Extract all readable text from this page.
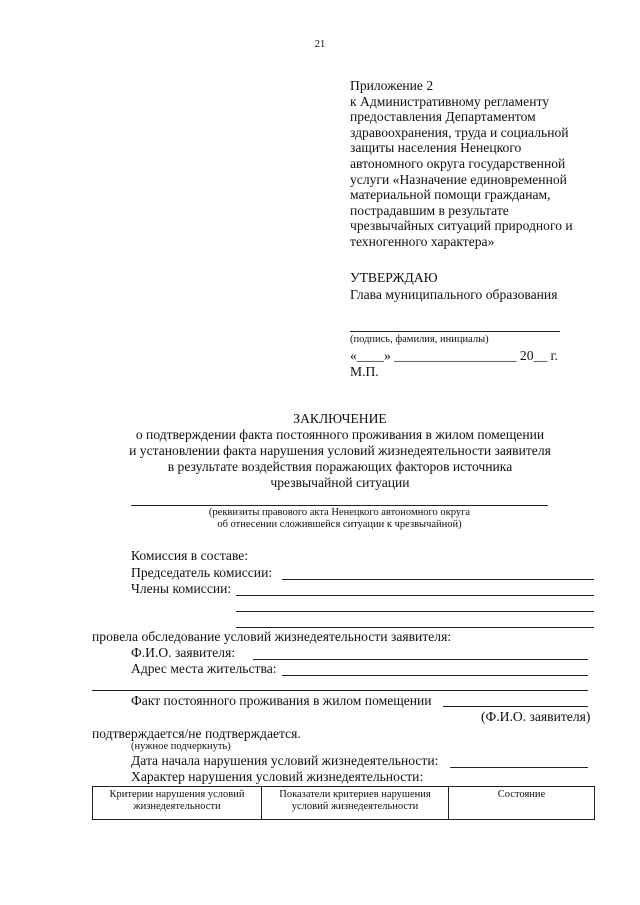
21
Приложение 2
к Административному регламенту
предоставления Департаментом
здравоохранения, труда и социальной
защиты населения Ненецкого
автономного округа государственной
услуги «Назначение единовременной
материальной помощи гражданам,
пострадавшим в результате
чрезвычайных ситуаций природного и
техногенного характера»
УТВЕРЖДАЮ
Глава муниципального образования
(подпись, фамилия, инициалы)
«____» __________________ 20__ г.
М.П.
ЗАКЛЮЧЕНИЕ
о подтверждении факта постоянного проживания в жилом помещении
и установлении факта нарушения условий жизнедеятельности заявителя
в результате воздействия поражающих факторов источника
чрезвычайной ситуации
(реквизиты правового акта Ненецкого автономного округа
об отнесении сложившейся ситуации к чрезвычайной)
Комиссия в составе:
Председатель комиссии:
Члены комиссии:
провела обследование условий жизнедеятельности заявителя:
Ф.И.О. заявителя:
Адрес места жительства:
Факт постоянного проживания в жилом помещении
(Ф.И.О. заявителя)
подтверждается/не подтверждается.
(нужное подчеркнуть)
Дата начала нарушения условий жизнедеятельности:
Характер нарушения условий жизнедеятельности:
Критерии нарушения условий жизнедеятельности	Показатели критериев нарушения условий жизнедеятельности	Состояние
